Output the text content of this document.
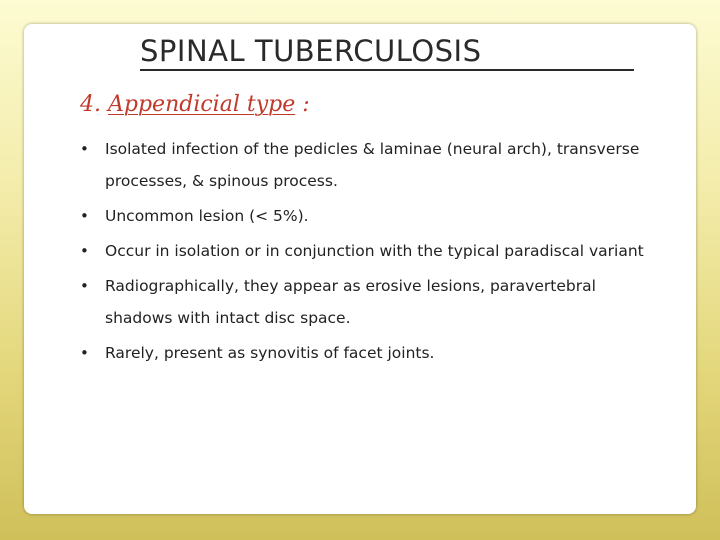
SPINAL TUBERCULOSIS
4. Appendicial type :
• Isolated infection of the pedicles & laminae (neural arch), transverse processes, & spinous process.
• Uncommon lesion (< 5%).
• Occur in isolation or in conjunction with the typical paradiscal variant
• Radiographically, they appear as erosive lesions, paravertebral shadows with intact disc space.
• Rarely, present as synovitis of facet joints.
